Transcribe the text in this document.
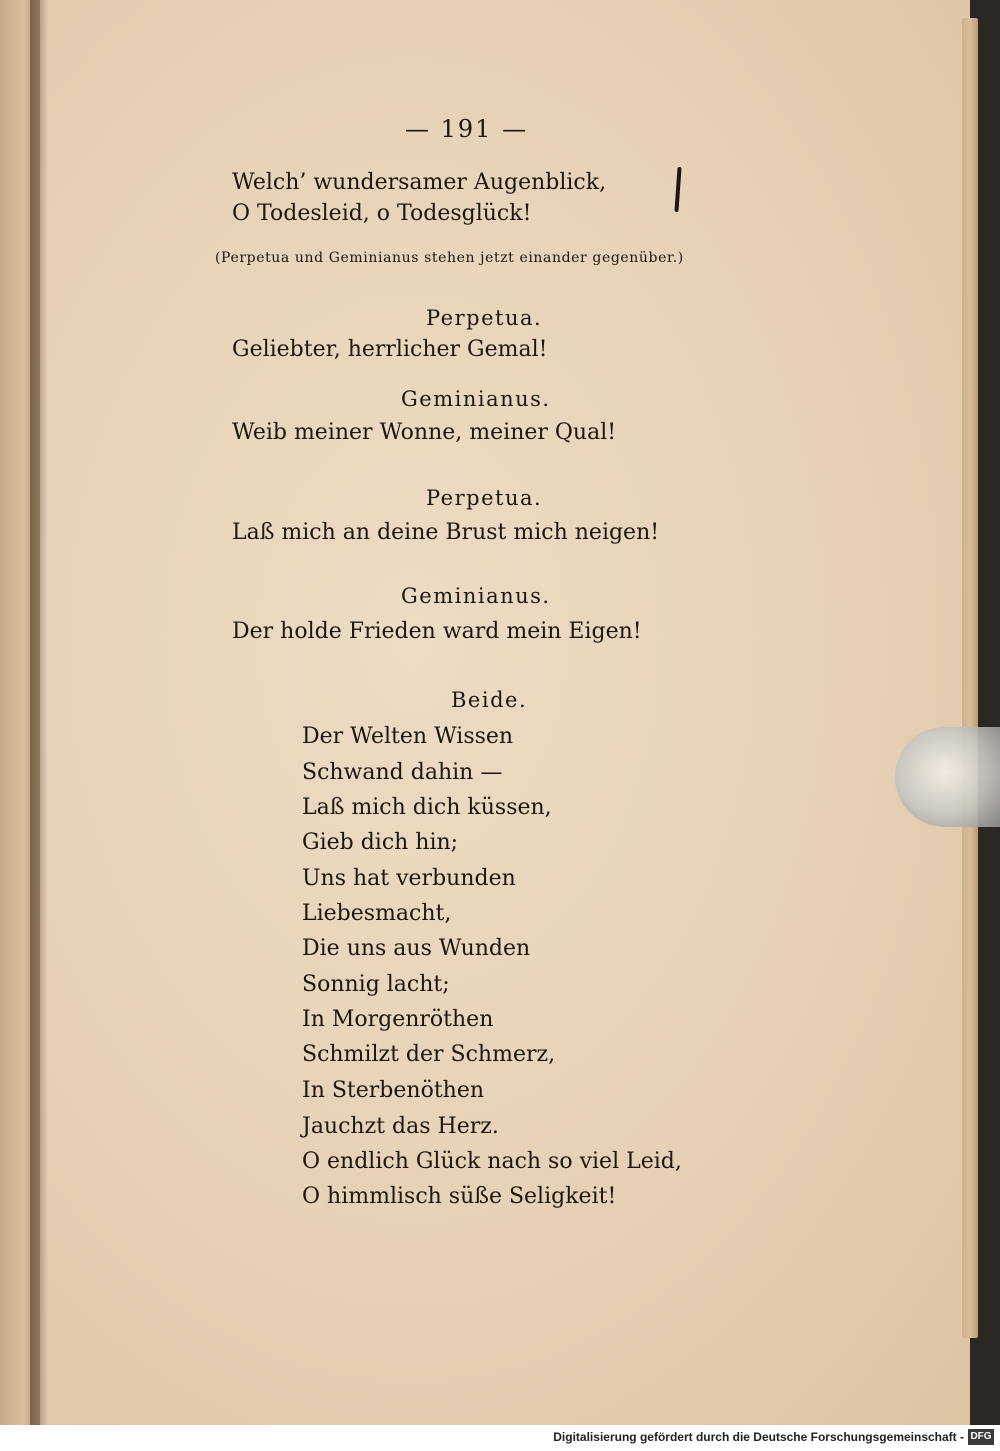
— 191 —

Welch’ wundersamer Augenblick,

O Todesleid, o Todesglück!

(Perpetua und Geminianus stehen jetzt einander gegenüber.)

Perpetua.

Geliebter, herrlicher Gemal!

Geminianus.

Weib meiner Wonne, meiner Qual!

Perpetua.

Laß mich an deine Brust mich neigen!

Geminianus.

Der holde Frieden ward mein Eigen!

Beide.

Der Welten Wissen

Schwand dahin —

Laß mich dich küssen,

Gieb dich hin;

Uns hat verbunden

Liebesmacht,

Die uns aus Wunden

Sonnig lacht;

In Morgenröthen

Schmilzt der Schmerz,

In Sterbenöthen

Jauchzt das Herz.

O endlich Glück nach so viel Leid,

O himmlisch süße Seligkeit!

Digitalisierung gefördert durch die Deutsche Forschungsgemeinschaft - DFG
